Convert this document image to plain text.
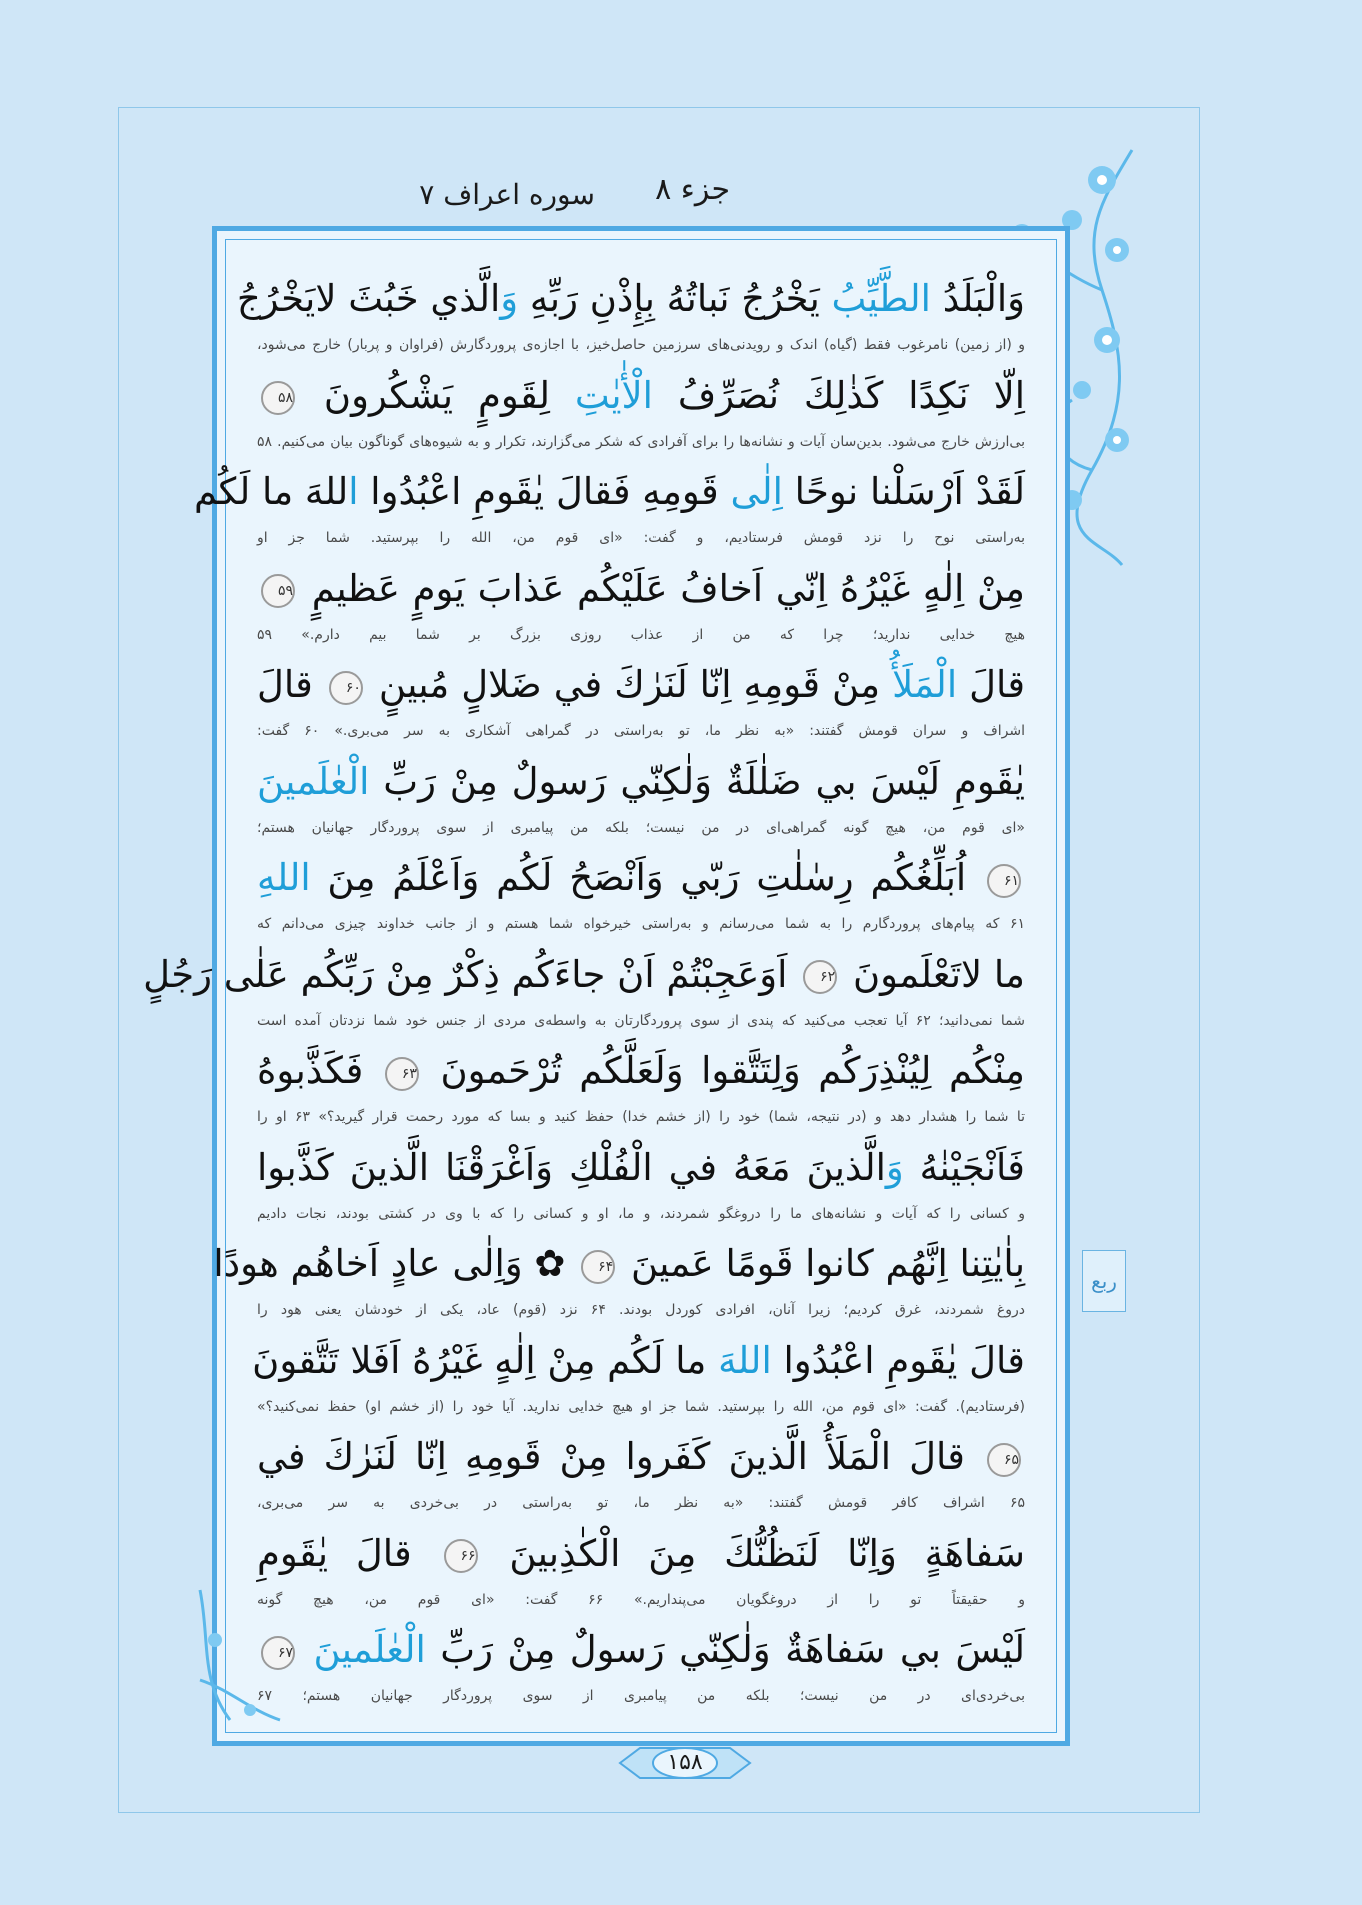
جزء ۸
سوره اعراف ۷
وَالْبَلَدُ الطَّيِّبُ يَخْرُجُ نَباتُهُ بِإِذْنِ رَبِّهِ وَالَّذي خَبُثَ لايَخْرُجُ
و (از زمین) نامرغوب فقط (گیاه) اندک و رویدنی‌های سرزمین حاصل‌خیز، با اجازه‌ی پروردگارش (فراوان و پربار) خارج می‌شود،
اِلّا نَكِدًا كَذٰلِكَ نُصَرِّفُ الْأٰيٰتِ لِقَومٍ يَشْكُرونَ ۵۸
بی‌ارزش خارج می‌شود. بدین‌سان آیات و نشانه‌ها را برای آفرادی که شکر می‌گزارند، تکرار و به شیوه‌های گوناگون بیان می‌کنیم. ۵۸
لَقَدْ اَرْسَلْنا نوحًا اِلٰى قَومِهِ فَقالَ يٰقَومِ اعْبُدُوا اللهَ ما لَكُم
به‌راستی نوح را نزد قومش فرستادیم، و گفت: «ای قوم من، الله را بپرستید. شما جز او
مِنْ اِلٰهٍ غَيْرُهُ اِنّي اَخافُ عَلَيْكُم عَذابَ يَومٍ عَظيمٍ ۵۹
هیچ خدایی ندارید؛ چرا که من از عذاب روزی بزرگ بر شما بیم دارم.» ۵۹
قالَ الْمَلَأُ مِنْ قَومِهِ اِنّا لَنَرٰكَ في ضَلالٍ مُبينٍ ۶۰ قالَ
اشراف و سران قومش گفتند: «به نظر ما، تو به‌راستی در گمراهی آشکاری به سر می‌بری.» ۶۰ گفت:
يٰقَومِ لَيْسَ بي ضَلٰلَةٌ وَلٰكِنّي رَسولٌ مِنْ رَبِّ الْعٰلَمينَ
«ای قوم من، هیچ گونه گمراهی‌ای در من نیست؛ بلکه من پیامبری از سوی پروردگار جهانیان هستم؛
۶۱ اُبَلِّغُكُم رِسٰلٰتِ رَبّي وَاَنْصَحُ لَكُم وَاَعْلَمُ مِنَ اللهِ
۶۱ که پیام‌های پروردگارم را به شما می‌رسانم و به‌راستی خیرخواه شما هستم و از جانب خداوند چیزی می‌دانم که
ما لاتَعْلَمونَ ۶۲ اَوَعَجِبْتُمْ اَنْ جاءَكُم ذِكْرٌ مِنْ رَبِّكُم عَلٰى رَجُلٍ
شما نمی‌دانید؛ ۶۲ آیا تعجب می‌کنید که پندی از سوی پروردگارتان به واسطه‌ی مردی از جنس خود شما نزدتان آمده است
مِنْكُم لِيُنْذِرَكُم وَلِتَتَّقوا وَلَعَلَّكُم تُرْحَمونَ ۶۳ فَكَذَّبوهُ
تا شما را هشدار دهد و (در نتیجه، شما) خود را (از خشم خدا) حفظ کنید و بسا که مورد رحمت قرار گیرید؟» ۶۳ او را
فَاَنْجَيْنٰهُ وَالَّذينَ مَعَهُ في الْفُلْكِ وَاَغْرَقْنَا الَّذينَ كَذَّبوا
و کسانی را که آیات و نشانه‌های ما را دروغگو شمردند، و ما، او و کسانی را که با وی در کشتی بودند، نجات دادیم
بِاٰيٰتِنا اِنَّهُم كانوا قَومًا عَمينَ ۶۴ ✿ وَاِلٰى عادٍ اَخاهُم هودًا
دروغ شمردند، غرق کردیم؛ زیرا آنان، افرادی کوردل بودند. ۶۴ نزد (قوم) عاد، یکی از خودشان یعنی هود را
قالَ يٰقَومِ اعْبُدُوا اللهَ ما لَكُم مِنْ اِلٰهٍ غَيْرُهُ اَفَلا تَتَّقونَ
(فرستادیم). گفت: «ای قوم من، الله را بپرستید. شما جز او هیچ خدایی ندارید. آیا خود را (از خشم او) حفظ نمی‌کنید؟»
۶۵ قالَ الْمَلَأُ الَّذينَ كَفَروا مِنْ قَومِهِ اِنّا لَنَرٰكَ في
۶۵ اشراف کافر قومش گفتند: «به نظر ما، تو به‌راستی در بی‌خردی به سر می‌بری،
سَفاهَةٍ وَاِنّا لَنَظُنُّكَ مِنَ الْكٰذِبينَ ۶۶ قالَ يٰقَومِ
و حقیقتاً تو را از دروغگویان می‌پنداریم.» ۶۶ گفت: «ای قوم من، هیچ گونه
لَيْسَ بي سَفاهَةٌ وَلٰكِنّي رَسولٌ مِنْ رَبِّ الْعٰلَمينَ ۶۷
بی‌خردی‌ای در من نیست؛ بلکه من پیامبری از سوی پروردگار جهانیان هستم؛ ۶۷
ربع
۱۵۸
